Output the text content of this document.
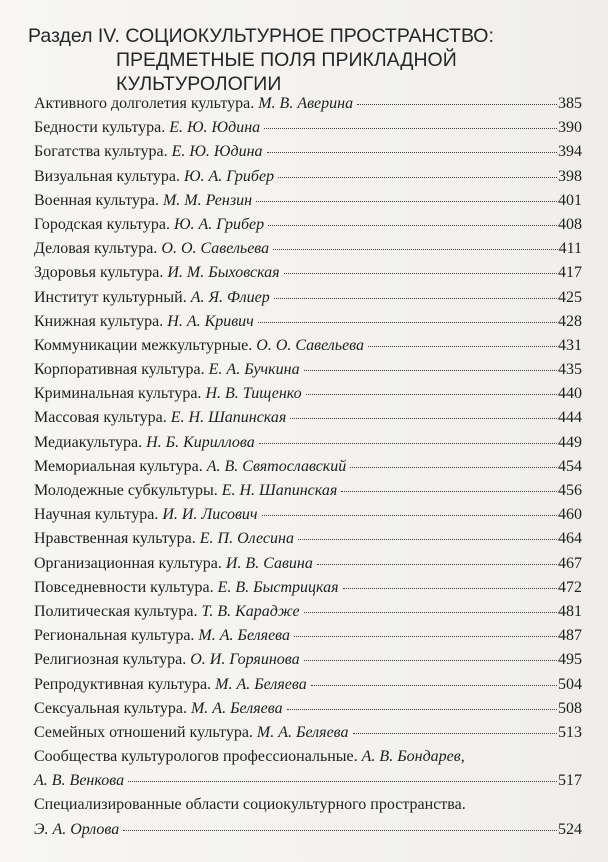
Раздел IV. СОЦИОКУЛЬТУРНОЕ ПРОСТРАНСТВО:
ПРЕДМЕТНЫЕ ПОЛЯ ПРИКЛАДНОЙ КУЛЬТУРОЛОГИИ
Активного долголетия культура. М. В. Аверина	385
Бедности культура. Е. Ю. Юдина	390
Богатства культура. Е. Ю. Юдина	394
Визуальная культура. Ю. А. Грибер	398
Военная культура. М. М. Рензин	401
Городская культура. Ю. А. Грибер	408
Деловая культура. О. О. Савельева	411
Здоровья культура. И. М. Быховская	417
Институт культурный. А. Я. Флиер	425
Книжная культура. Н. А. Кривич	428
Коммуникации межкультурные. О. О. Савельева	431
Корпоративная культура. Е. А. Бучкина	435
Криминальная культура. Н. В. Тищенко	440
Массовая культура. Е. Н. Шапинская	444
Медиакультура. Н. Б. Кириллова	449
Мемориальная культура. А. В. Святославский	454
Молодежные субкультуры. Е. Н. Шапинская	456
Научная культура. И. И. Лисович	460
Нравственная культура. Е. П. Олесина	464
Организационная культура. И. В. Савина	467
Повседневности культура. Е. В. Быстрицкая	472
Политическая культура. Т. В. Карадже	481
Региональная культура. М. А. Беляева	487
Религиозная культура. О. И. Горяинова	495
Репродуктивная культура. М. А. Беляева	504
Сексуальная культура. М. А. Беляева	508
Семейных отношений культура. М. А. Беляева	513
Сообщества культурологов профессиональные. А. В. Бондарев,
А. В. Венкова	517
Специализированные области социокультурного пространства.
Э. А. Орлова	524
